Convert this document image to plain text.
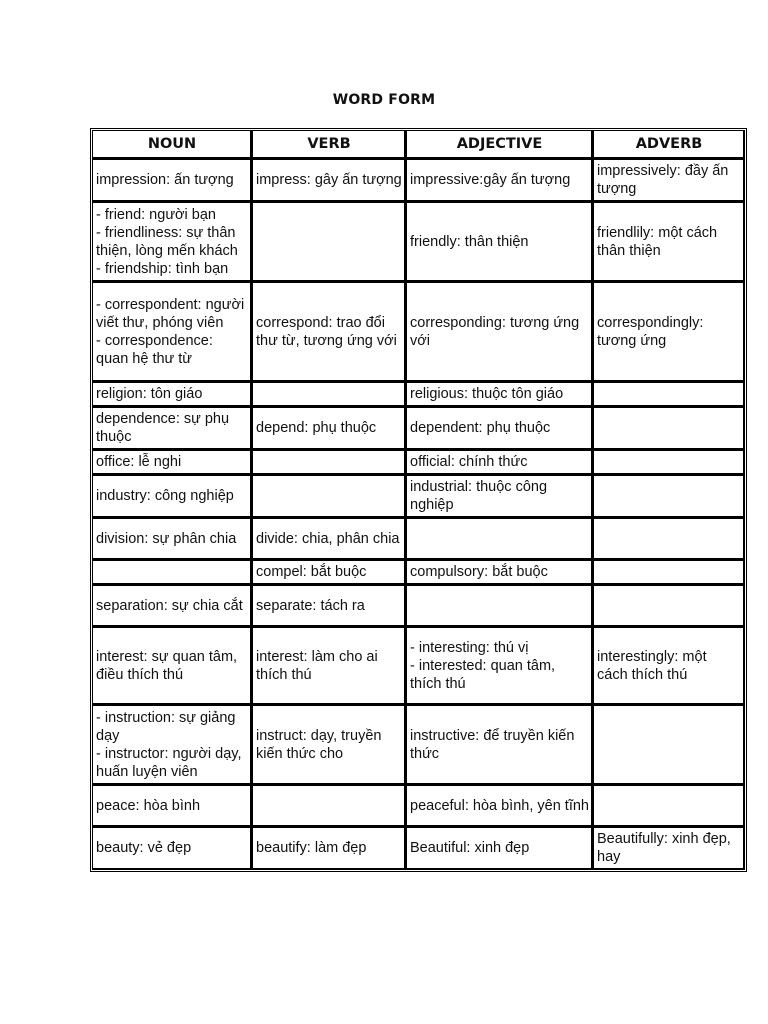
WORD FORM
NOUN	VERB	ADJECTIVE	ADVERB

impression: ấn tượng	impress: gây ấn tượng	impressive:gây ấn tượng	impressively: đầy ấn tượng

- friend: người bạn
- friendliness: sự thân thiện, lòng mến khách
- friendship: tình bạn		friendly: thân thiện	friendlily: một cách thân thiện

- correspondent: người viết thư, phóng viên
- correspondence: quan hệ thư từ	correspond: trao đổi thư từ, tương ứng với	corresponding: tương ứng với	correspondingly: tương ứng

religion: tôn giáo		religious: thuộc tôn giáo	

dependence: sự phụ thuộc	depend: phụ thuộc	dependent: phụ thuộc	

office: lễ nghi		official: chính thức	

industry: công nghiệp		industrial: thuộc công nghiệp	

division: sự phân chia	divide: chia, phân chia		

	compel: bắt buộc	compulsory: bắt buộc	

separation: sự chia cắt	separate: tách ra		

interest: sự quan tâm, điều thích thú	interest: làm cho ai thích thú	- interesting: thú vị
- interested: quan tâm, thích thú	interestingly: một cách thích thú

- instruction: sự giảng dạy
- instructor: người dạy, huấn luyện viên	instruct: dạy, truyền kiến thức cho	instructive: để truyền kiến thức	

peace: hòa bình		peaceful: hòa bình, yên tĩnh	

beauty: vẻ đẹp	beautify: làm đẹp	Beautiful: xinh đẹp	Beautifully: xinh đẹp, hay
